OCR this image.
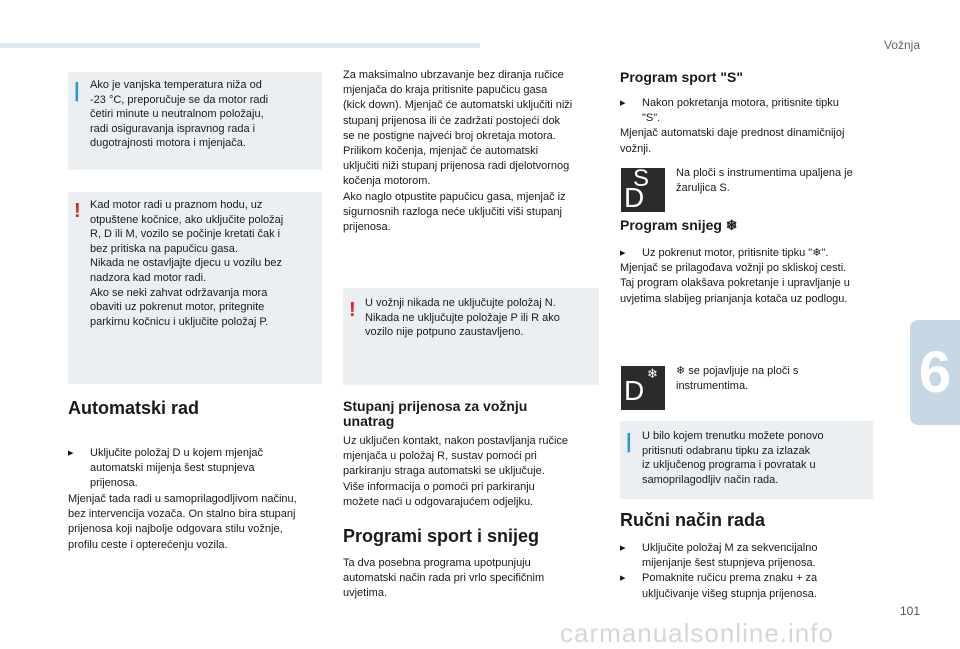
Vožnja
6
101
| Ako je vanjska temperatura niža od

-23 °C, preporučuje se da motor radi

četiri minute u neutralnom položaju,

radi osiguravanja ispravnog rada i

dugotrajnosti motora i mjenjača.

! Kad motor radi u praznom hodu, uz

otpuštene kočnice, ako uključite položaj

R, D ili M, vozilo se počinje kretati čak i

bez pritiska na papučicu gasa.

Nikada ne ostavljajte djecu u vozilu bez

nadzora kad motor radi.

Ako se neki zahvat održavanja mora

obaviti uz pokrenut motor, pritegnite

parkirnu kočnicu i uključite položaj P.

Automatski rad
▸ Uključite položaj D u kojem mjenjač
automatski mijenja šest stupnjeva
prijenosa.
Mjenjač tada radi u samoprilagodljivom načinu,
bez intervencija vozača. On stalno bira stupanj
prijenosa koji najbolje odgovara stilu vožnje,
profilu ceste i opterećenju vozila.
Za maksimalno ubrzavanje bez diranja ručice
mjenjača do kraja pritisnite papučicu gasa
(kick down). Mjenjač će automatski uključiti niži
stupanj prijenosa ili će zadržati postojeći dok
se ne postigne najveći broj okretaja motora.
Prilikom kočenja, mjenjač će automatski
uključiti niži stupanj prijenosa radi djelotvornog
kočenja motorom.
Ako naglo otpustite papučicu gasa, mjenjač iz
sigurnosnih razloga neće uključiti viši stupanj
prijenosa.
! U vožnji nikada ne uključujte položaj N.

Nikada ne uključujte položaje P ili R ako

vozilo nije potpuno zaustavljeno.

Stupanj prijenosa za vožnju
unatrag
Uz uključen kontakt, nakon postavljanja ručice
mjenjača u položaj R, sustav pomoći pri
parkiranju straga automatski se uključuje.
Više informacija o pomoći pri parkiranju
možete naći u odgovarajućem odjeljku.
Programi sport i snijeg
Ta dva posebna programa upotpunjuju
automatski način rada pri vrlo specifičnim
uvjetima.
Program sport "S"
▸ Nakon pokretanja motora, pritisnite tipku
"S".
Mjenjač automatski daje prednost dinamičnijoj
vožnji.
S
D
Na ploči s instrumentima upaljena je
žaruljica S.
Program snijeg ❄
▸ Uz pokrenut motor, pritisnite tipku "❄".
Mjenjač se prilagođava vožnji po skliskoj cesti.
Taj program olakšava pokretanje i upravljanje u
uvjetima slabijeg prianjanja kotača uz podlogu.
D
❄ ❄ se pojavljuje na ploči s
instrumentima.
| U bilo kojem trenutku možete ponovo

pritisnuti odabranu tipku za izlazak

iz uključenog programa i povratak u

samoprilagodljiv način rada.

Ručni način rada
▸ Uključite položaj M za sekvencijalno
mijenjanje šest stupnjeva prijenosa.
▸ Pomaknite ručicu prema znaku + za
uključivanje višeg stupnja prijenosa.
carmanualsonline.info
